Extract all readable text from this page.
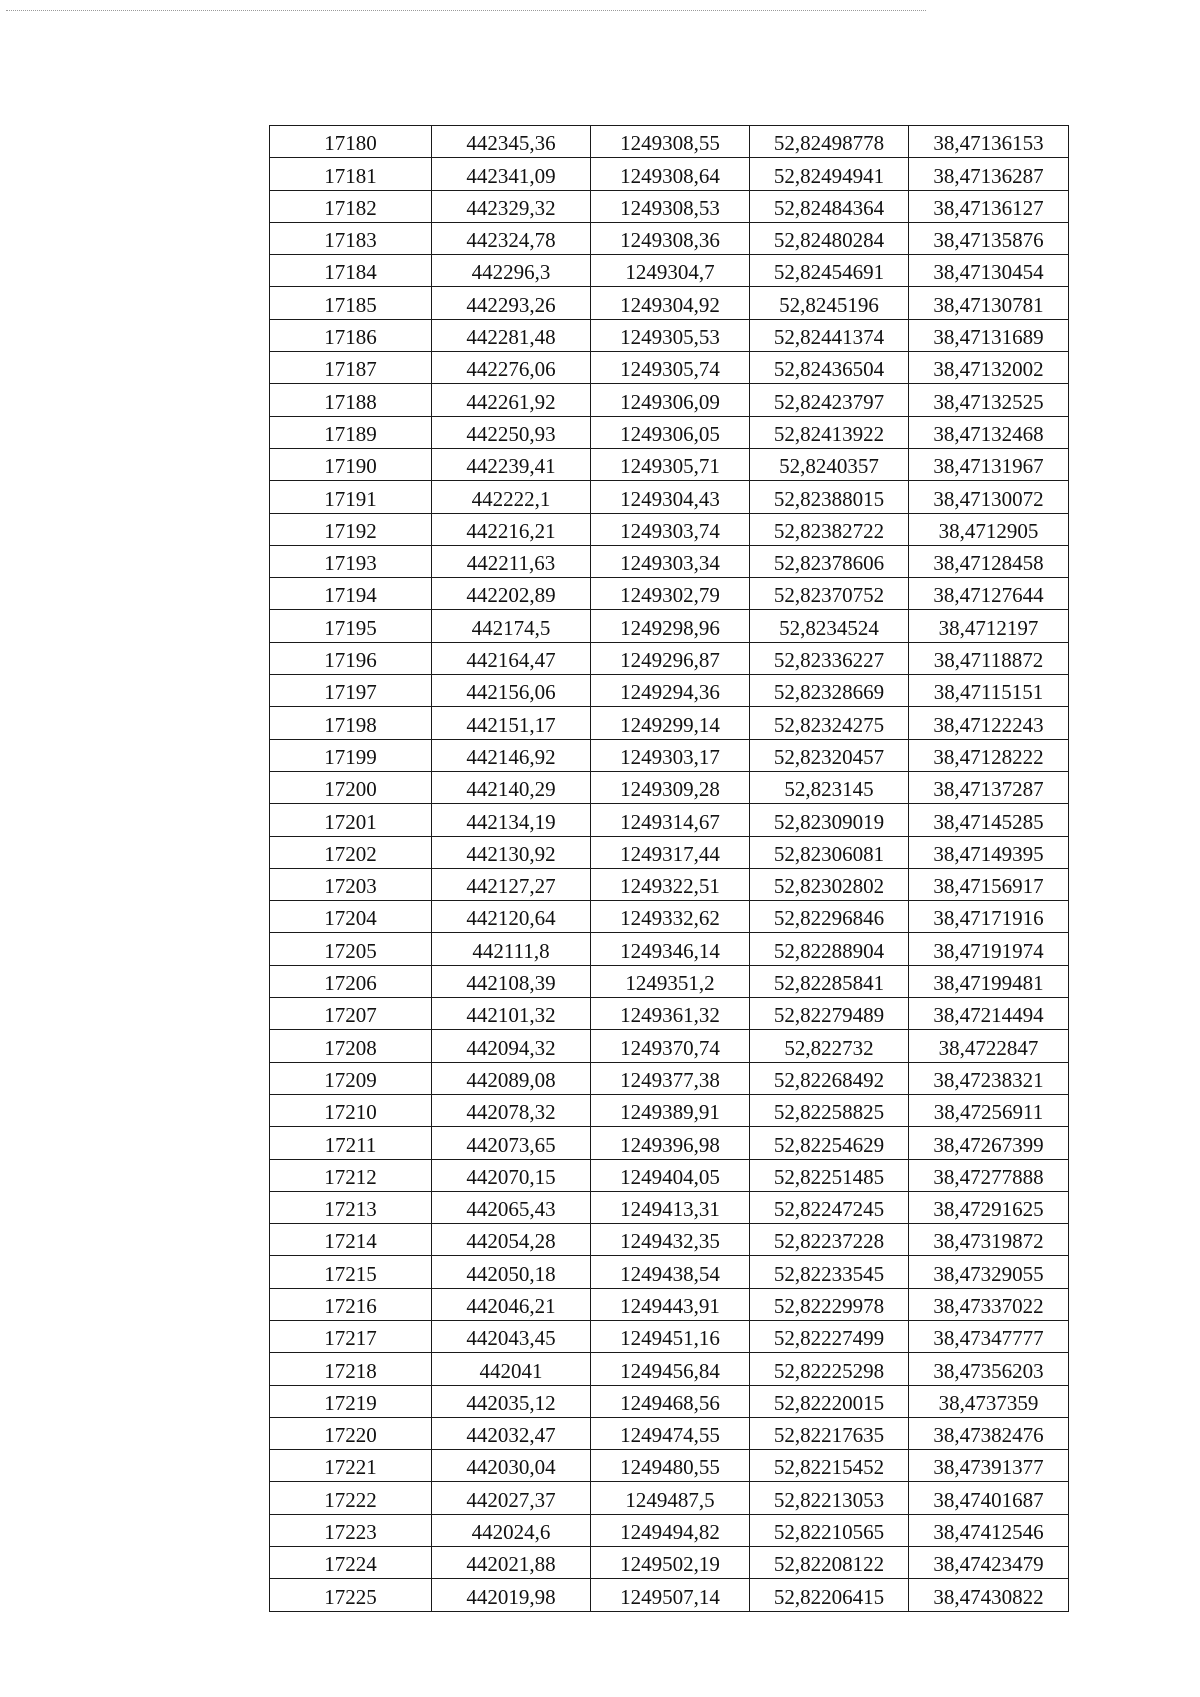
17180	442345,36	1249308,55	52,82498778	38,47136153
17181	442341,09	1249308,64	52,82494941	38,47136287
17182	442329,32	1249308,53	52,82484364	38,47136127
17183	442324,78	1249308,36	52,82480284	38,47135876
17184	442296,3	1249304,7	52,82454691	38,47130454
17185	442293,26	1249304,92	52,8245196	38,47130781
17186	442281,48	1249305,53	52,82441374	38,47131689
17187	442276,06	1249305,74	52,82436504	38,47132002
17188	442261,92	1249306,09	52,82423797	38,47132525
17189	442250,93	1249306,05	52,82413922	38,47132468
17190	442239,41	1249305,71	52,8240357	38,47131967
17191	442222,1	1249304,43	52,82388015	38,47130072
17192	442216,21	1249303,74	52,82382722	38,4712905
17193	442211,63	1249303,34	52,82378606	38,47128458
17194	442202,89	1249302,79	52,82370752	38,47127644
17195	442174,5	1249298,96	52,8234524	38,4712197
17196	442164,47	1249296,87	52,82336227	38,47118872
17197	442156,06	1249294,36	52,82328669	38,47115151
17198	442151,17	1249299,14	52,82324275	38,47122243
17199	442146,92	1249303,17	52,82320457	38,47128222
17200	442140,29	1249309,28	52,823145	38,47137287
17201	442134,19	1249314,67	52,82309019	38,47145285
17202	442130,92	1249317,44	52,82306081	38,47149395
17203	442127,27	1249322,51	52,82302802	38,47156917
17204	442120,64	1249332,62	52,82296846	38,47171916
17205	442111,8	1249346,14	52,82288904	38,47191974
17206	442108,39	1249351,2	52,82285841	38,47199481
17207	442101,32	1249361,32	52,82279489	38,47214494
17208	442094,32	1249370,74	52,822732	38,4722847
17209	442089,08	1249377,38	52,82268492	38,47238321
17210	442078,32	1249389,91	52,82258825	38,47256911
17211	442073,65	1249396,98	52,82254629	38,47267399
17212	442070,15	1249404,05	52,82251485	38,47277888
17213	442065,43	1249413,31	52,82247245	38,47291625
17214	442054,28	1249432,35	52,82237228	38,47319872
17215	442050,18	1249438,54	52,82233545	38,47329055
17216	442046,21	1249443,91	52,82229978	38,47337022
17217	442043,45	1249451,16	52,82227499	38,47347777
17218	442041	1249456,84	52,82225298	38,47356203
17219	442035,12	1249468,56	52,82220015	38,4737359
17220	442032,47	1249474,55	52,82217635	38,47382476
17221	442030,04	1249480,55	52,82215452	38,47391377
17222	442027,37	1249487,5	52,82213053	38,47401687
17223	442024,6	1249494,82	52,82210565	38,47412546
17224	442021,88	1249502,19	52,82208122	38,47423479
17225	442019,98	1249507,14	52,82206415	38,47430822
